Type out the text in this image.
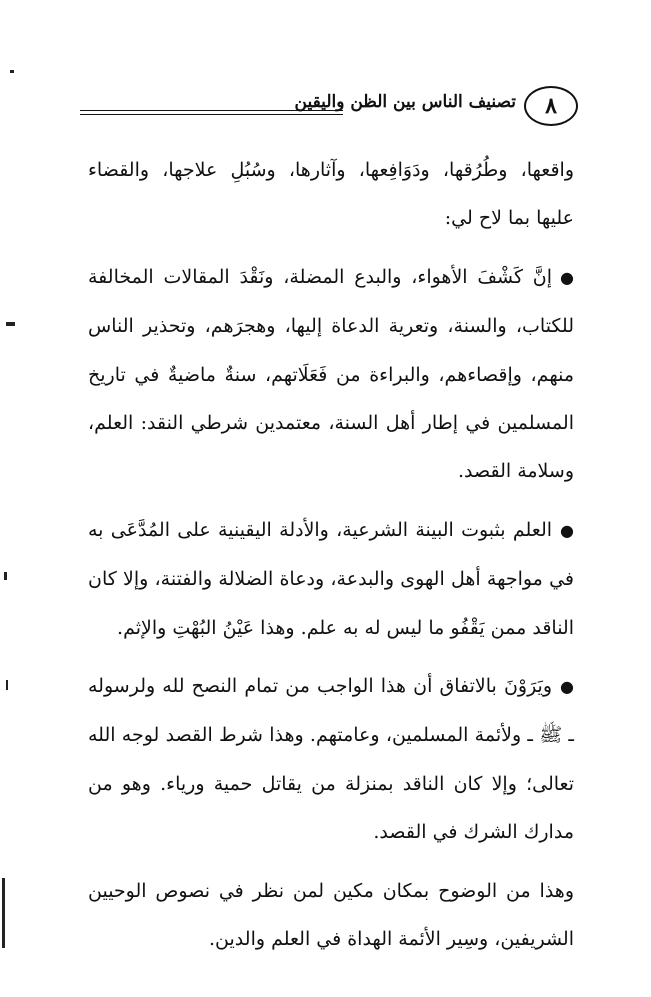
٨
تصنيف الناس بين الظن واليقين

واقعها، وطُرُقها، ودَوَافِعها، وآثارها، وسُبُلِ علاجها، والقضاء عليها بما لاح لي:

●إنَّ كَشْفَ الأهواء، والبدع المضلة، ونَقْدَ المقالات المخالفة للكتاب، والسنة، وتعرية الدعاة إليها، وهجرَهم، وتحذير الناس منهم، وإقصاءهم، والبراءة من فَعَلَاتهم، سنةٌ ماضيةٌ في تاريخ المسلمين في إطار أهل السنة، معتمدين شرطي النقد: العلم، وسلامة القصد.

●العلم بثبوت البينة الشرعية، والأدلة اليقينية على المُدَّعَى به في مواجهة أهل الهوى والبدعة، ودعاة الضلالة والفتنة، وإلا كان الناقد ممن يَقْفُو ما ليس له به علم. وهذا عَيْنُ البُهْتِ والإثم.

●ويَرَوْنَ بالاتفاق أن هذا الواجب من تمام النصح لله ولرسوله ـ ﷺ ـ ولأئمة المسلمين، وعامتهم. وهذا شرط القصد لوجه الله تعالى؛ وإلا كان الناقد بمنزلة من يقاتل حمية ورياء. وهو من مدارك الشرك في القصد.

وهذا من الوضوح بمكان مكين لمن نظر في نصوص الوحيين الشريفين، وسِير الأئمة الهداة في العلم والدين.
